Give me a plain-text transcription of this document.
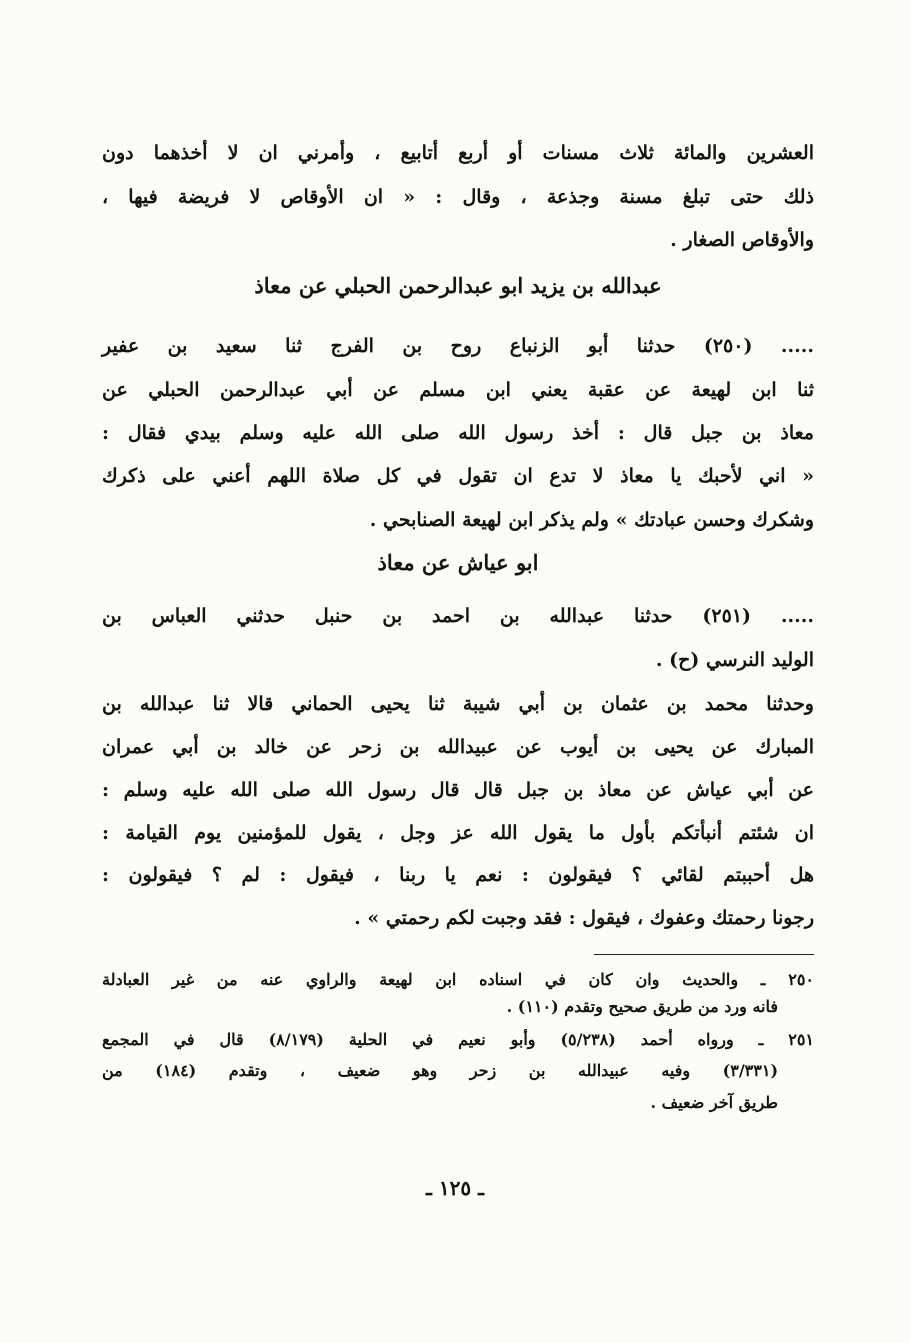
العشرين والمائة ثلاث مسنات أو أربع أتابيع ، وأمرني ان لا أخذهما دون
ذلك حتى تبلغ مسنة وجذعة ، وقال : « ان الأوقاص لا فريضة فيها ،
والأوقاص الصغار .
عبدالله بن يزيد ابو عبدالرحمن الحبلي عن معاذ
..... (٢٥٠) حدثنا أبو الزنباع روح بن الفرج ثنا سعيد بن عفير
ثنا ابن لهيعة عن عقبة يعني ابن مسلم عن أبي عبدالرحمن الحبلي عن
معاذ بن جبل قال : أخذ رسول الله صلى الله عليه وسلم بيدي فقال :
« اني لأحبك يا معاذ لا تدع ان تقول في كل صلاة اللهم أعني على ذكرك
وشكرك وحسن عبادتك » ولم يذكر ابن لهيعة الصنابحي .
ابو عياش عن معاذ
..... (٢٥١) حدثنا عبدالله بن احمد بن حنبل حدثني العباس بن
الوليد النرسي (ح) .
وحدثنا محمد بن عثمان بن أبي شيبة ثنا يحيى الحماني قالا ثنا عبدالله بن
المبارك عن يحيى بن أيوب عن عبيدالله بن زحر عن خالد بن أبي عمران
عن أبي عياش عن معاذ بن جبل قال قال رسول الله صلى الله عليه وسلم :
ان شئتم أنبأتكم بأول ما يقول الله عز وجل ، يقول للمؤمنين يوم القيامة :
هل أحببتم لقائي ؟ فيقولون : نعم يا ربنا ، فيقول : لم ؟ فيقولون :
رجونا رحمتك وعفوك ، فيقول : فقد وجبت لكم رحمتي » .
٢٥٠ ـ والحديث وان كان في اسناده ابن لهيعة والراوي عنه من غير العبادلة
فانه ورد من طريق صحيح وتقدم (١١٠) .
٢٥١ ـ ورواه أحمد (٥/٢٣٨) وأبو نعيم في الحلية (٨/١٧٩) قال في المجمع
(٣/٣٣١) وفيه عبيدالله بن زحر وهو ضعيف ، وتقدم (١٨٤) من
طريق آخر ضعيف .
ـ ١٢٥ ـ
